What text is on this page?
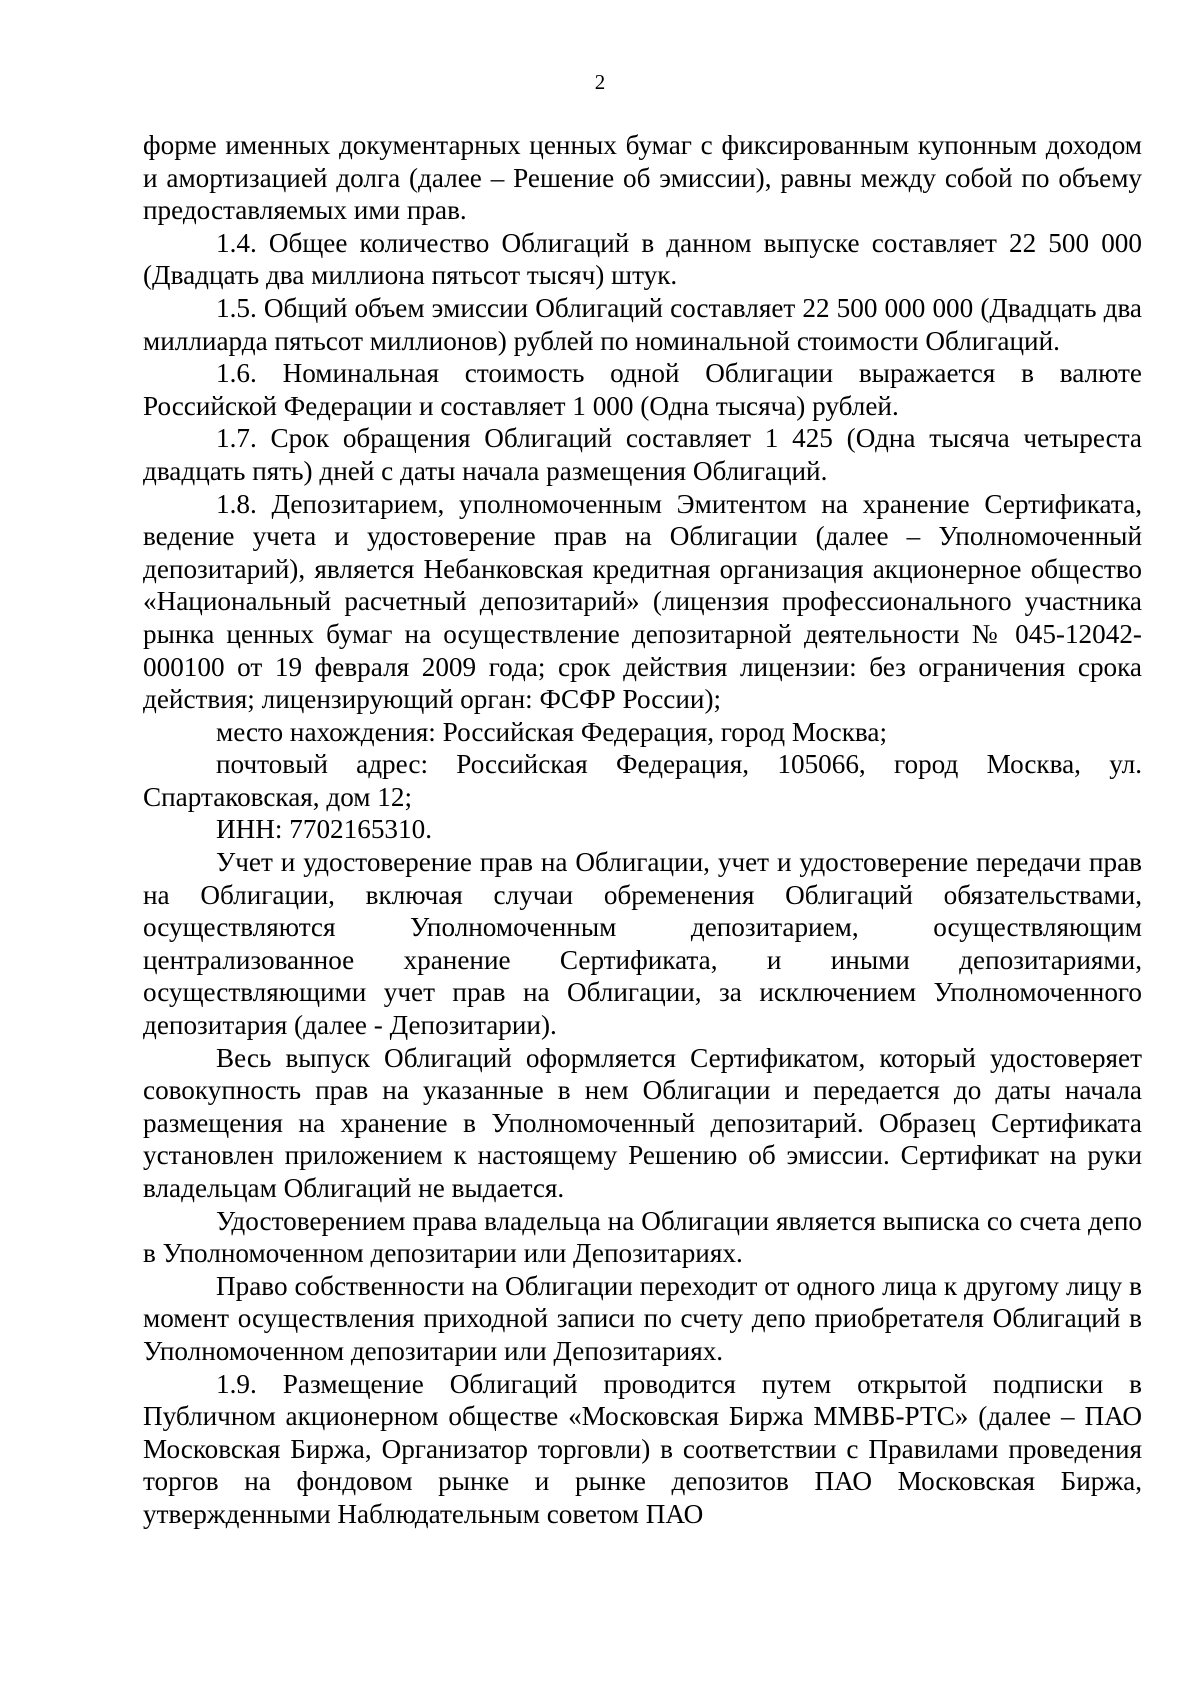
2

форме именных документарных ценных бумаг с фиксированным купонным доходом и амортизацией долга (далее – Решение об эмиссии), равны между собой по объему предоставляемых ими прав.

1.4. Общее количество Облигаций в данном выпуске составляет 22 500 000 (Двадцать два миллиона пятьсот тысяч) штук.

1.5. Общий объем эмиссии Облигаций составляет 22 500 000 000 (Двадцать два миллиарда пятьсот миллионов) рублей по номинальной стоимости Облигаций.

1.6. Номинальная стоимость одной Облигации выражается в валюте Российской Федерации и составляет 1 000 (Одна тысяча) рублей.

1.7. Срок обращения Облигаций составляет 1 425 (Одна тысяча четыреста двадцать пять) дней с даты начала размещения Облигаций.

1.8. Депозитарием, уполномоченным Эмитентом на хранение Сертификата, ведение учета и удостоверение прав на Облигации (далее – Уполномоченный депозитарий), является Небанковская кредитная организация акционерное общество «Национальный расчетный депозитарий» (лицензия профессионального участника рынка ценных бумаг на осуществление депозитарной деятельности № 045-12042-000100 от 19 февраля 2009 года; срок действия лицензии: без ограничения срока действия; лицензирующий орган: ФСФР России);

место нахождения: Российская Федерация, город Москва;

почтовый адрес: Российская Федерация, 105066, город Москва, ул. Спартаковская, дом 12;

ИНН: 7702165310.

Учет и удостоверение прав на Облигации, учет и удостоверение передачи прав на Облигации, включая случаи обременения Облигаций обязательствами, осуществляются Уполномоченным депозитарием, осуществляющим централизованное хранение Сертификата, и иными депозитариями, осуществляющими учет прав на Облигации, за исключением Уполномоченного депозитария (далее - Депозитарии).

Весь выпуск Облигаций оформляется Сертификатом, который удостоверяет совокупность прав на указанные в нем Облигации и передается до даты начала размещения на хранение в Уполномоченный депозитарий. Образец Сертификата установлен приложением к настоящему Решению об эмиссии. Сертификат на руки владельцам Облигаций не выдается.

Удостоверением права владельца на Облигации является выписка со счета депо в Уполномоченном депозитарии или Депозитариях.

Право собственности на Облигации переходит от одного лица к другому лицу в момент осуществления приходной записи по счету депо приобретателя Облигаций в Уполномоченном депозитарии или Депозитариях.

1.9. Размещение Облигаций проводится путем открытой подписки в Публичном акционерном обществе «Московская Биржа ММВБ-РТС» (далее – ПАО Московская Биржа, Организатор торговли) в соответствии с Правилами проведения торгов на фондовом рынке и рынке депозитов ПАО Московская Биржа, утвержденными Наблюдательным советом ПАО
